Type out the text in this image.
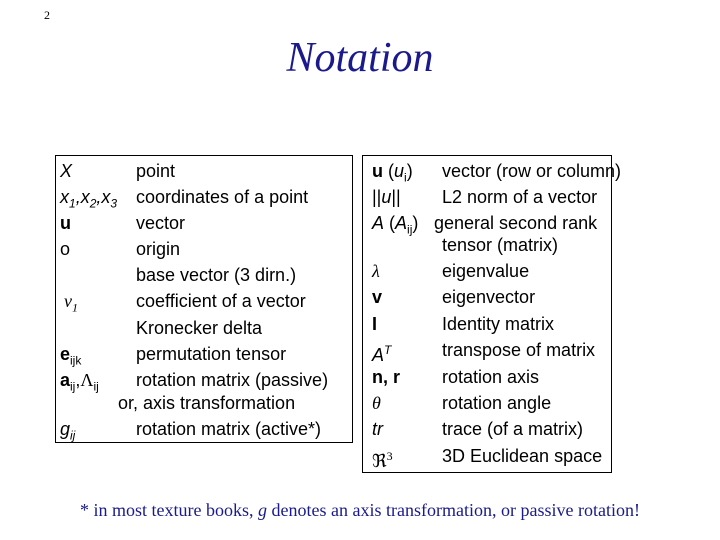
2
Notation
X	point
$x_1,x_2,x_3$ coordinates of a point
u	vector
o	origin
base vector (3 dirn.)
$\nu_1$	coefficient of a vector
Kronecker delta
$e_{ijk}$	permutation tensor
$a_{ij},\Lambda_{ij}$ rotation matrix (passive)
or, axis transformation
$g_{ij}$	rotation matrix (active*)
u $(u_i)$ vector (row or column)
||u|| L2 norm of a vector
A $(A_{ij})$ general second rank
tensor (matrix)
λ	eigenvalue
v	eigenvector
I	Identity matrix
$A^T$	transpose of matrix
n, r rotation axis
θ	rotation angle
tr	trace (of a matrix)
ℜ$^3$	3D Euclidean space
* in most texture books, g denotes an axis transformation, or passive rotation!
